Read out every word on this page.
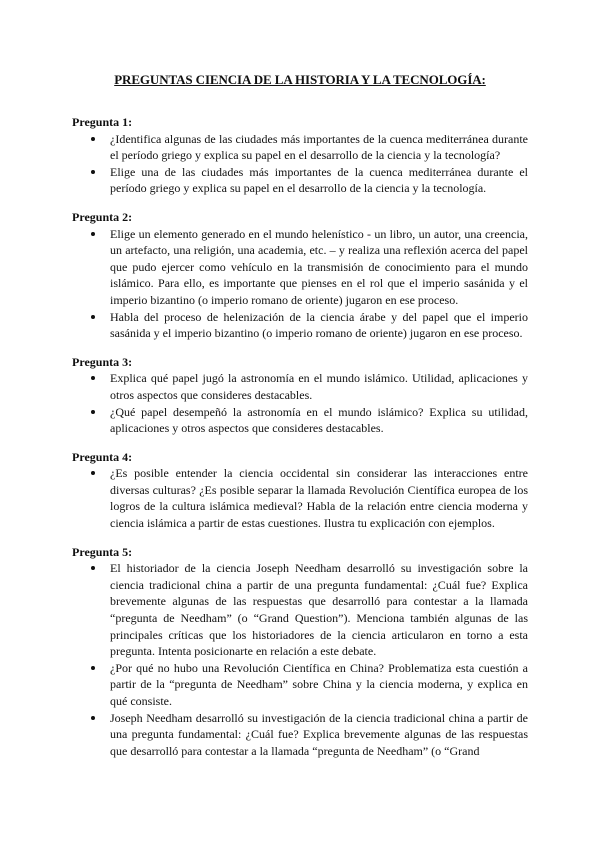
PREGUNTAS CIENCIA DE LA HISTORIA Y LA TECNOLOGÍA:

Pregunta 1:

¿Identifica algunas de las ciudades más importantes de la cuenca mediterránea durante el período griego y explica su papel en el desarrollo de la ciencia y la tecnología?
Elige una de las ciudades más importantes de la cuenca mediterránea durante el período griego y explica su papel en el desarrollo de la ciencia y la tecnología.

Pregunta 2:

Elige un elemento generado en el mundo helenístico - un libro, un autor, una creencia, un artefacto, una religión, una academia, etc. – y realiza una reflexión acerca del papel que pudo ejercer como vehículo en la transmisión de conocimiento para el mundo islámico. Para ello, es importante que pienses en el rol que el imperio sasánida y el imperio bizantino (o imperio romano de oriente) jugaron en ese proceso.
Habla del proceso de helenización de la ciencia árabe y del papel que el imperio sasánida y el imperio bizantino (o imperio romano de oriente) jugaron en ese proceso.

Pregunta 3:

Explica qué papel jugó la astronomía en el mundo islámico. Utilidad, aplicaciones y otros aspectos que consideres destacables.
¿Qué papel desempeñó la astronomía en el mundo islámico? Explica su utilidad, aplicaciones y otros aspectos que consideres destacables.

Pregunta 4:

¿Es posible entender la ciencia occidental sin considerar las interacciones entre diversas culturas? ¿Es posible separar la llamada Revolución Científica europea de los logros de la cultura islámica medieval? Habla de la relación entre ciencia moderna y ciencia islámica a partir de estas cuestiones. Ilustra tu explicación con ejemplos.

Pregunta 5:

El historiador de la ciencia Joseph Needham desarrolló su investigación sobre la ciencia tradicional china a partir de una pregunta fundamental: ¿Cuál fue? Explica brevemente algunas de las respuestas que desarrolló para contestar a la llamada “pregunta de Needham” (o “Grand Question”). Menciona también algunas de las principales críticas que los historiadores de la ciencia articularon en torno a esta pregunta. Intenta posicionarte en relación a este debate.
¿Por qué no hubo una Revolución Científica en China? Problematiza esta cuestión a partir de la “pregunta de Needham” sobre China y la ciencia moderna, y explica en qué consiste.
Joseph Needham desarrolló su investigación de la ciencia tradicional china a partir de una pregunta fundamental: ¿Cuál fue? Explica brevemente algunas de las respuestas que desarrolló para contestar a la llamada “pregunta de Needham” (o “Grand
